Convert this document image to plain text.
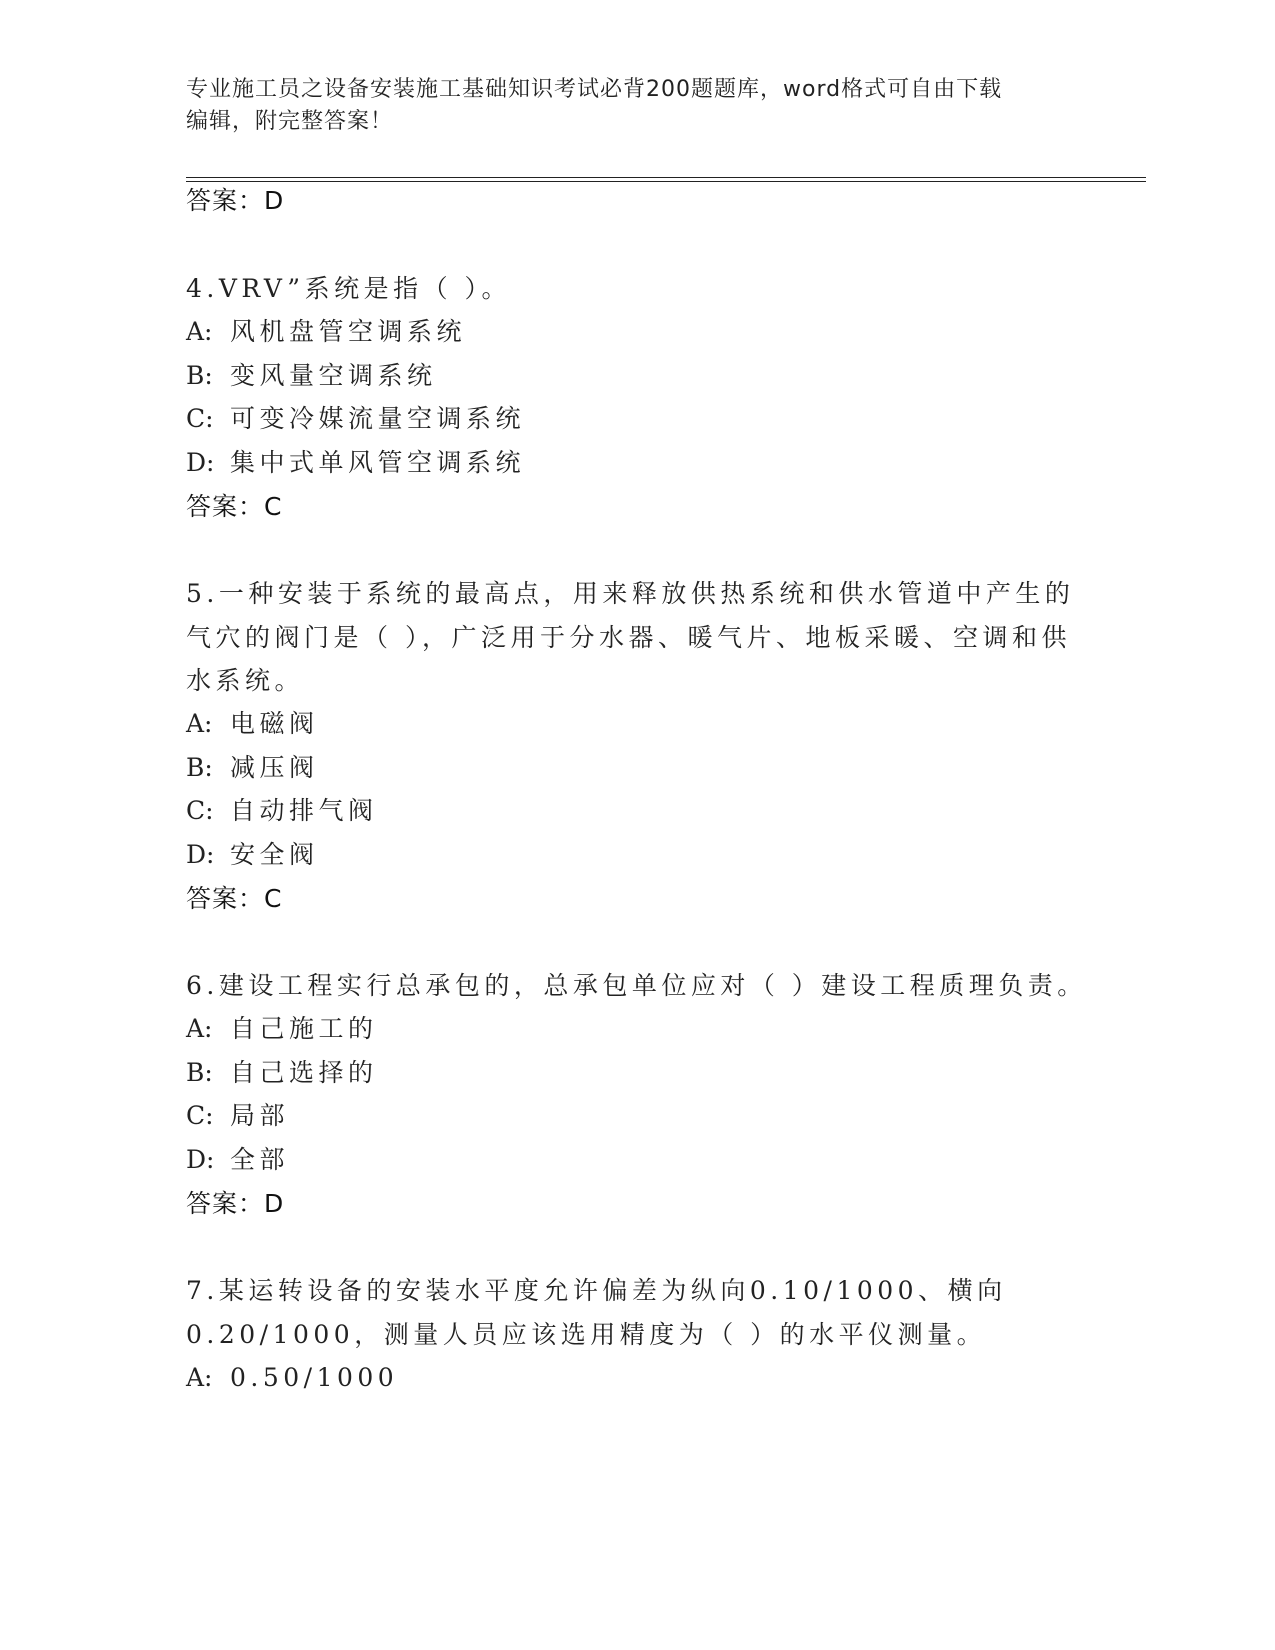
专业施工员之设备安装施工基础知识考试必背200题题库，word格式可自由下载
编辑，附完整答案！
答案：D
4.VRV”系统是指（ ）。
A: 风机盘管空调系统
B: 变风量空调系统
C: 可变冷媒流量空调系统
D: 集中式单风管空调系统
答案：C
5.一种安装于系统的最高点，用来释放供热系统和供水管道中产生的
气穴的阀门是（ ），广泛用于分水器、暖气片、地板采暖、空调和供
水系统。
A: 电磁阀
B: 减压阀
C: 自动排气阀
D: 安全阀
答案：C
6.建设工程实行总承包的，总承包单位应对（ ）建设工程质理负责。
A: 自己施工的
B: 自己选择的
C: 局部
D: 全部
答案：D
7.某运转设备的安装水平度允许偏差为纵向0.10/1000、横向
0.20/1000，测量人员应该选用精度为（ ）的水平仪测量。
A: 0.50/1000
